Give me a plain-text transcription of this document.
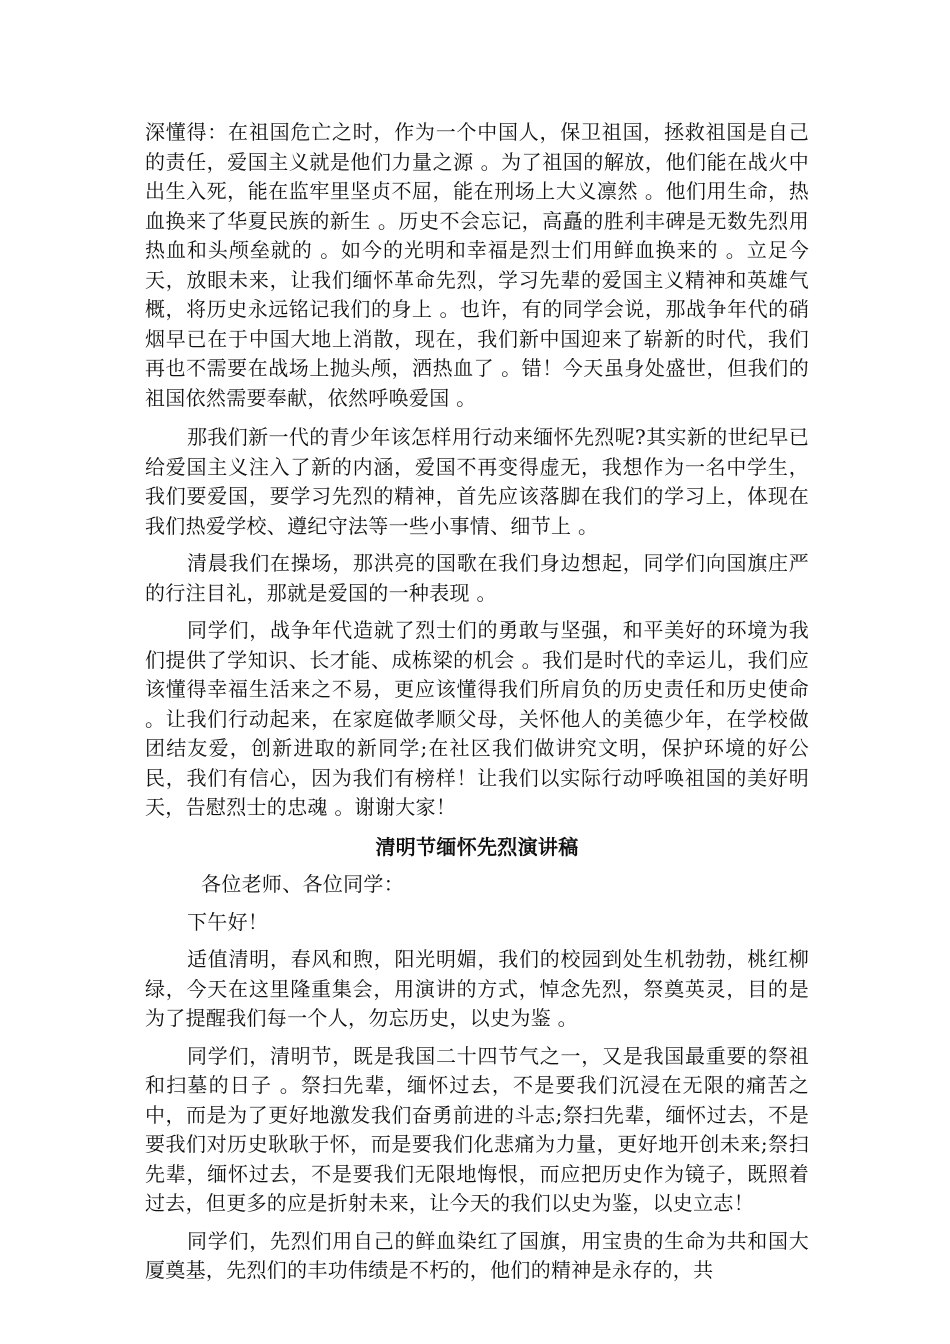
深懂得：在祖国危亡之时，作为一个中国人，保卫祖国，拯救祖国是自己的责任，爱国主义就是他们力量之源 。为了祖国的解放，他们能在战火中出生入死，能在监牢里坚贞不屈，能在刑场上大义凛然 。他们用生命，热血换来了华夏民族的新生 。历史不会忘记，高矗的胜利丰碑是无数先烈用热血和头颅垒就的 。如今的光明和幸福是烈士们用鲜血换来的 。立足今天，放眼未来，让我们缅怀革命先烈，学习先辈的爱国主义精神和英雄气概，将历史永远铭记我们的身上 。也许，有的同学会说，那战争年代的硝烟早已在于中国大地上消散，现在，我们新中国迎来了崭新的时代，我们再也不需要在战场上抛头颅，洒热血了 。错！今天虽身处盛世，但我们的祖国依然需要奉献，依然呼唤爱国 。

那我们新一代的青少年该怎样用行动来缅怀先烈呢?其实新的世纪早已给爱国主义注入了新的内涵，爱国不再变得虚无，我想作为一名中学生，我们要爱国，要学习先烈的精神，首先应该落脚在我们的学习上，体现在我们热爱学校、遵纪守法等一些小事情、细节上 。

清晨我们在操场，那洪亮的国歌在我们身边想起，同学们向国旗庄严的行注目礼，那就是爱国的一种表现 。

同学们，战争年代造就了烈士们的勇敢与坚强，和平美好的环境为我们提供了学知识、长才能、成栋梁的机会 。我们是时代的幸运儿，我们应该懂得幸福生活来之不易，更应该懂得我们所肩负的历史责任和历史使命 。让我们行动起来，在家庭做孝顺父母，关怀他人的美德少年，在学校做团结友爱，创新进取的新同学;在社区我们做讲究文明，保护环境的好公民，我们有信心，因为我们有榜样！让我们以实际行动呼唤祖国的美好明天，告慰烈士的忠魂 。谢谢大家！

清明节缅怀先烈演讲稿

各位老师、各位同学：

下午好！

适值清明，春风和煦，阳光明媚，我们的校园到处生机勃勃，桃红柳绿，今天在这里隆重集会，用演讲的方式，悼念先烈，祭奠英灵，目的是为了提醒我们每一个人，勿忘历史，以史为鉴 。

同学们，清明节，既是我国二十四节气之一，又是我国最重要的祭祖和扫墓的日子 。祭扫先辈，缅怀过去，不是要我们沉浸在无限的痛苦之中，而是为了更好地激发我们奋勇前进的斗志;祭扫先辈，缅怀过去，不是要我们对历史耿耿于怀，而是要我们化悲痛为力量，更好地开创未来;祭扫先辈，缅怀过去，不是要我们无限地悔恨，而应把历史作为镜子，既照着过去，但更多的应是折射未来，让今天的我们以史为鉴，以史立志！

同学们，先烈们用自己的鲜血染红了国旗，用宝贵的生命为共和国大厦奠基，先烈们的丰功伟绩是不朽的，他们的精神是永存的，共
